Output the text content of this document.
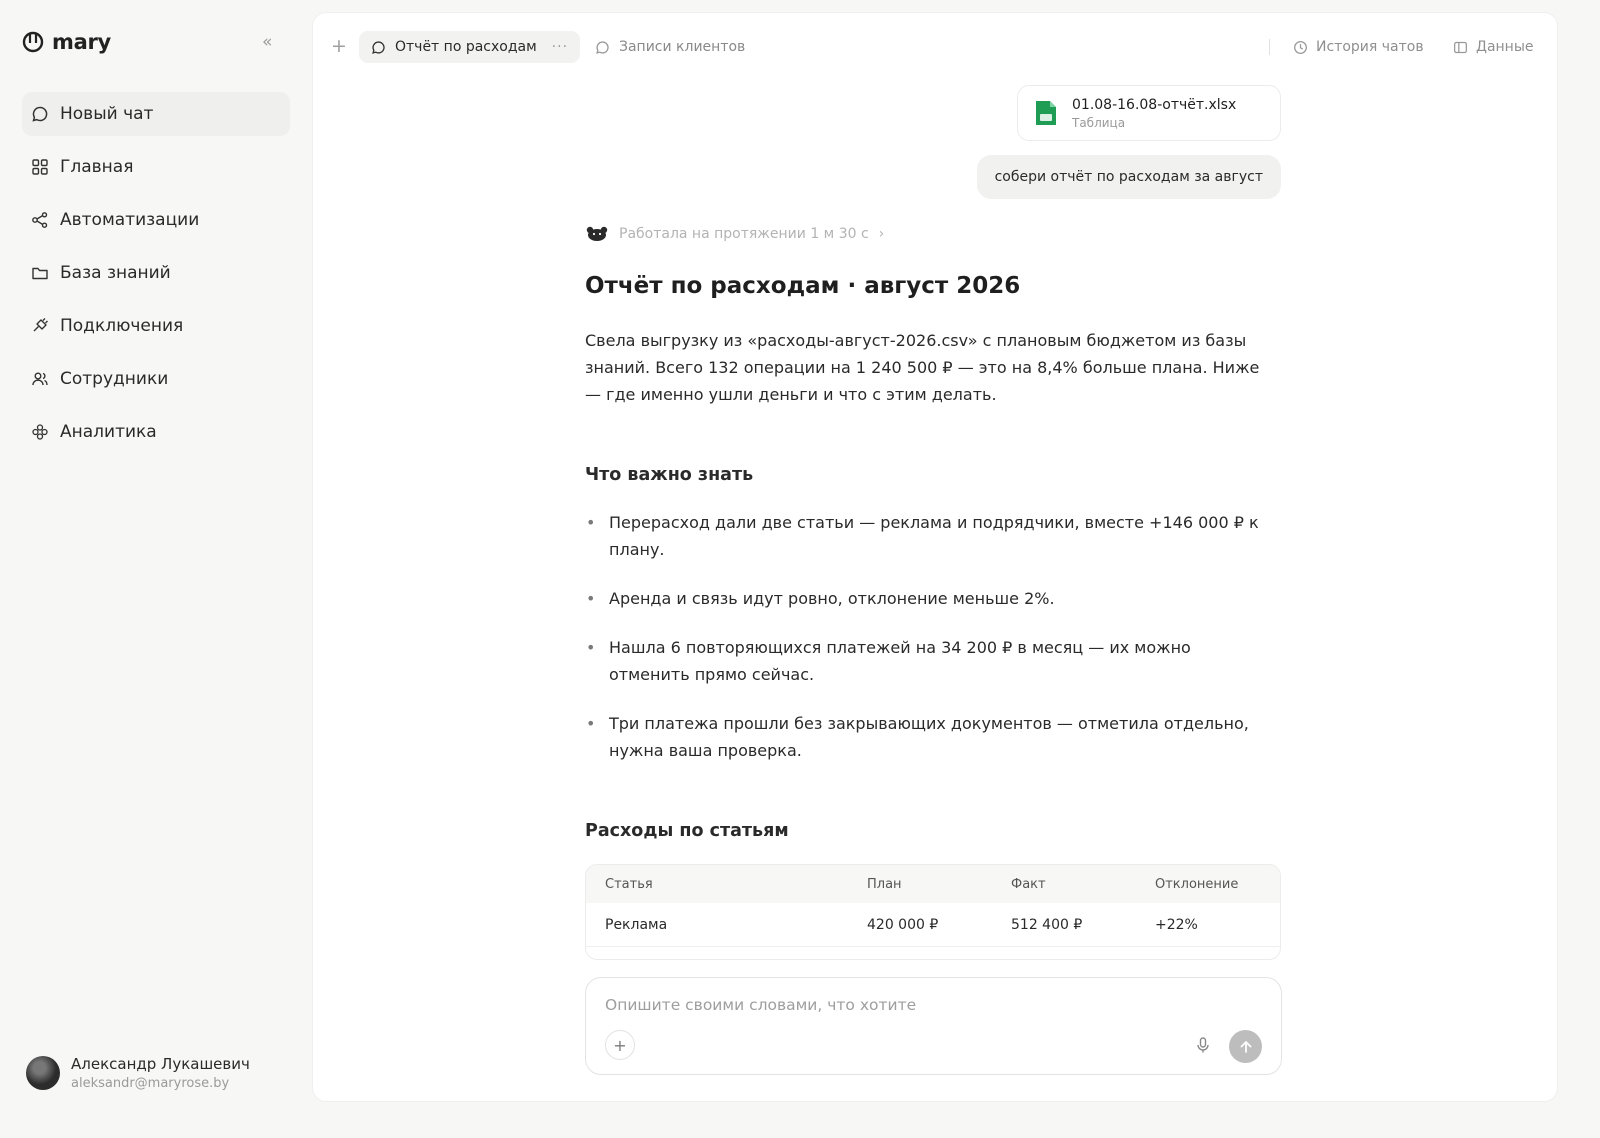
mary	«
Новый чат
Главная
Автоматизации
База знаний
Подключения
Сотрудники
Аналитика
Александр Лукашевич
aleksandr@maryrose.by
+	Отчёт по расходам ···	Записи клиентов	История чатов	Данные
01.08-16.08-отчёт.xlsx
Таблица
собери отчёт по расходам за август
Работала на протяжении 1 м 30 с ›
Отчёт по расходам · август 2026

Свела выгрузку из «расходы-август-2026.csv» с плановым бюджетом из базы знаний. Всего 132 операции на 1 240 500 ₽ — это на 8,4% больше плана. Ниже — где именно ушли деньги и что с этим делать.

Что важно знать
• Перерасход дали две статьи — реклама и подрядчики, вместе +146 000 ₽ к плану.
• Аренда и связь идут ровно, отклонение меньше 2%.
• Нашла 6 повторяющихся платежей на 34 200 ₽ в месяц — их можно отменить прямо сейчас.
• Три платежа прошли без закрывающих документов — отметила отдельно, нужна ваша проверка.
Расходы по статьям
Статья	План	Факт	Отклонение
Реклама	420 000 ₽	512 400 ₽	+22%
Опишите своими словами, что хотите
+
